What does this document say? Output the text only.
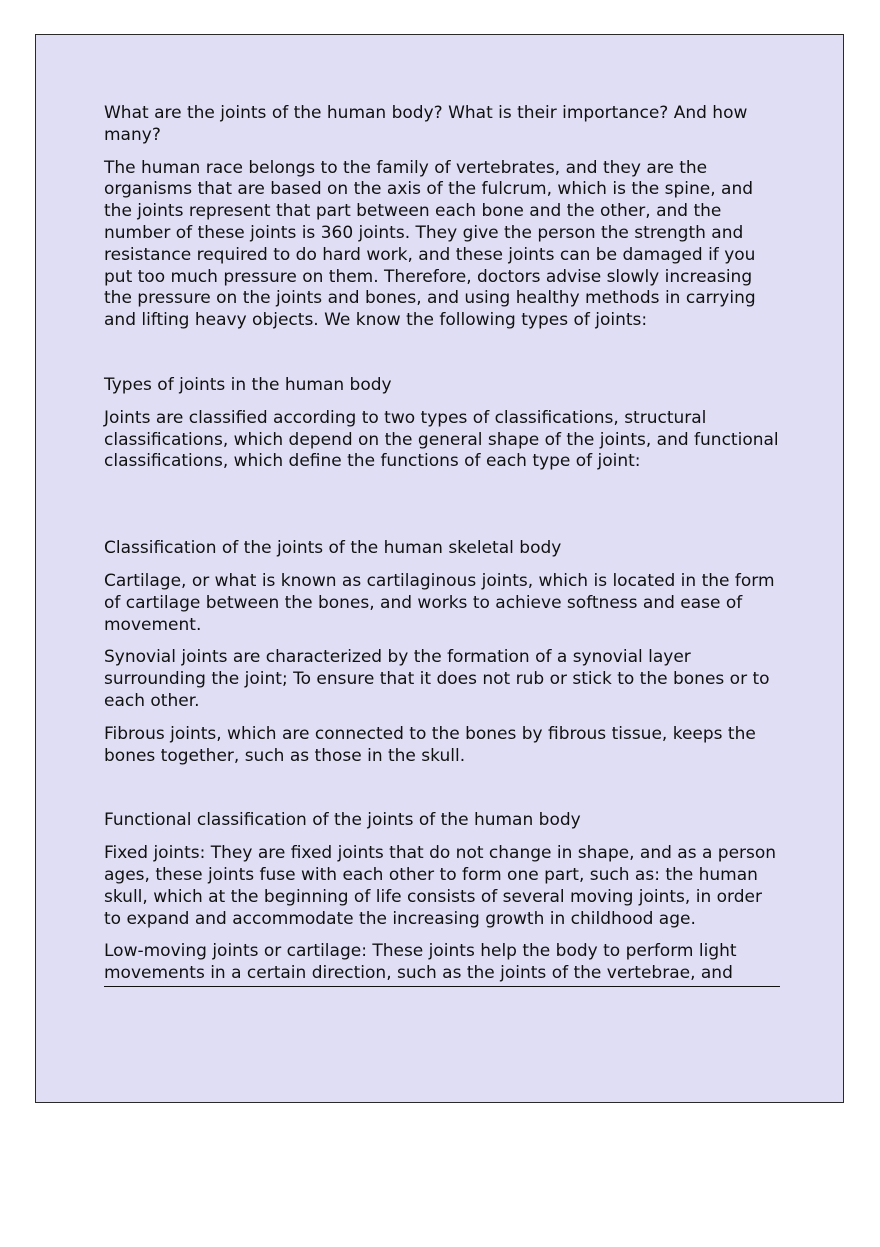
What are the joints of the human body? What is their importance? And how many?

The human race belongs to the family of vertebrates, and they are the organisms that are based on the axis of the fulcrum, which is the spine, and the joints represent that part between each bone and the other, and the number of these joints is 360 joints. They give the person the strength and resistance required to do hard work, and these joints can be damaged if you put too much pressure on them. Therefore, doctors advise slowly increasing the pressure on the joints and bones, and using healthy methods in carrying and lifting heavy objects. We know the following types of joints:

Types of joints in the human body

Joints are classified according to two types of classifications, structural classifications, which depend on the general shape of the joints, and functional classifications, which define the functions of each type of joint:

Classification of the joints of the human skeletal body

Cartilage, or what is known as cartilaginous joints, which is located in the form of cartilage between the bones, and works to achieve softness and ease of movement.

Synovial joints are characterized by the formation of a synovial layer surrounding the joint; To ensure that it does not rub or stick to the bones or to each other.

Fibrous joints, which are connected to the bones by fibrous tissue, keeps the bones together, such as those in the skull.

Functional classification of the joints of the human body

Fixed joints: They are fixed joints that do not change in shape, and as a person ages, these joints fuse with each other to form one part, such as: the human skull, which at the beginning of life consists of several moving joints, in order to expand and accommodate the increasing growth in childhood age.

Low-moving joints or cartilage: These joints help the body to perform light movements in a certain direction, such as the joints of the vertebrae, and
